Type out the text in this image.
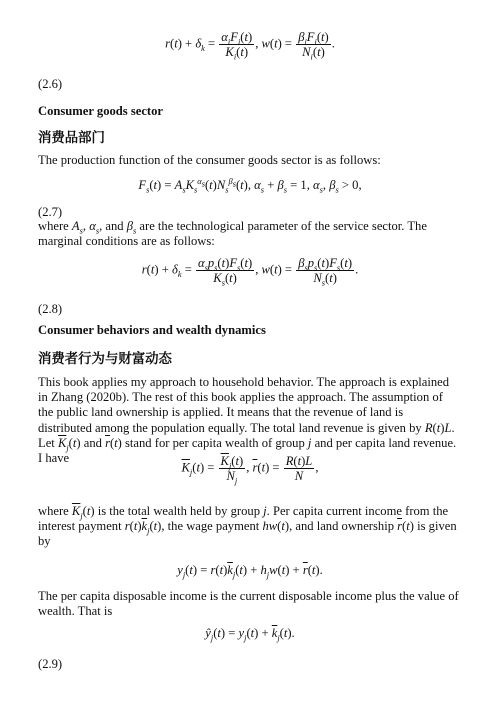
$r(t) + \delta_k = \frac{\alpha_iF_i(t)}{K_i(t)}$ , $w(t) = \frac{\beta_iF_i(t)}{N_i(t)}$ .
(2.6)
Consumer goods sector
消费品部门
The production function of the consumer goods sector is as follows:
$F_s(t) = A_sK_s^{\alpha_s}(t)N_s^{\beta_s}(t)$, $\alpha_s + \beta_s = 1$, $\alpha_s$, $\beta_s > 0$,
(2.7)
where $A_s$, $\alpha_s$, and $\beta_s$ are the technological parameter of the service sector. The marginal conditions are as follows:
$r(t) + \delta_k = \frac{\alpha_sp_s(t)F_s(t)}{K_s(t)}$ , $w(t) = \frac{\beta_sp_s(t)F_s(t)}{N_s(t)}$ .
(2.8)
Consumer behaviors and wealth dynamics
消费者行为与财富动态
This book applies my approach to household behavior. The approach is explained in Zhang (2020b). The rest of this book applies the approach. The assumption of the public land ownership is applied. It means that the revenue of land is distributed among the population equally. The total land revenue is given by R(t)L. Let $\overline{K}_j(t)$ and $\overline{r}(t)$ stand for per capita wealth of group j and per capita land revenue. I have
$\overline{K}_j(t) = \frac{\overline{K}_j(t)}{\overline{N}_j}$ , $\overline{r}(t) = \frac{R(t)L}{N}$ ,
where $\overline{K}_j(t)$ is the total wealth held by group j. Per capita current income from the interest payment $r(t)\overline{k}_j(t)$, the wage payment hw(t), and land ownership $\overline{r}(t)$ is given by
$y_j(t) = r(t)\overline{k}_j(t) + h_jw(t) + \overline{r}(t)$.
The per capita disposable income is the current disposable income plus the value of wealth. That is
$ŷ_j(t) = y_j(t) + \overline{k}_j(t)$.
(2.9)
